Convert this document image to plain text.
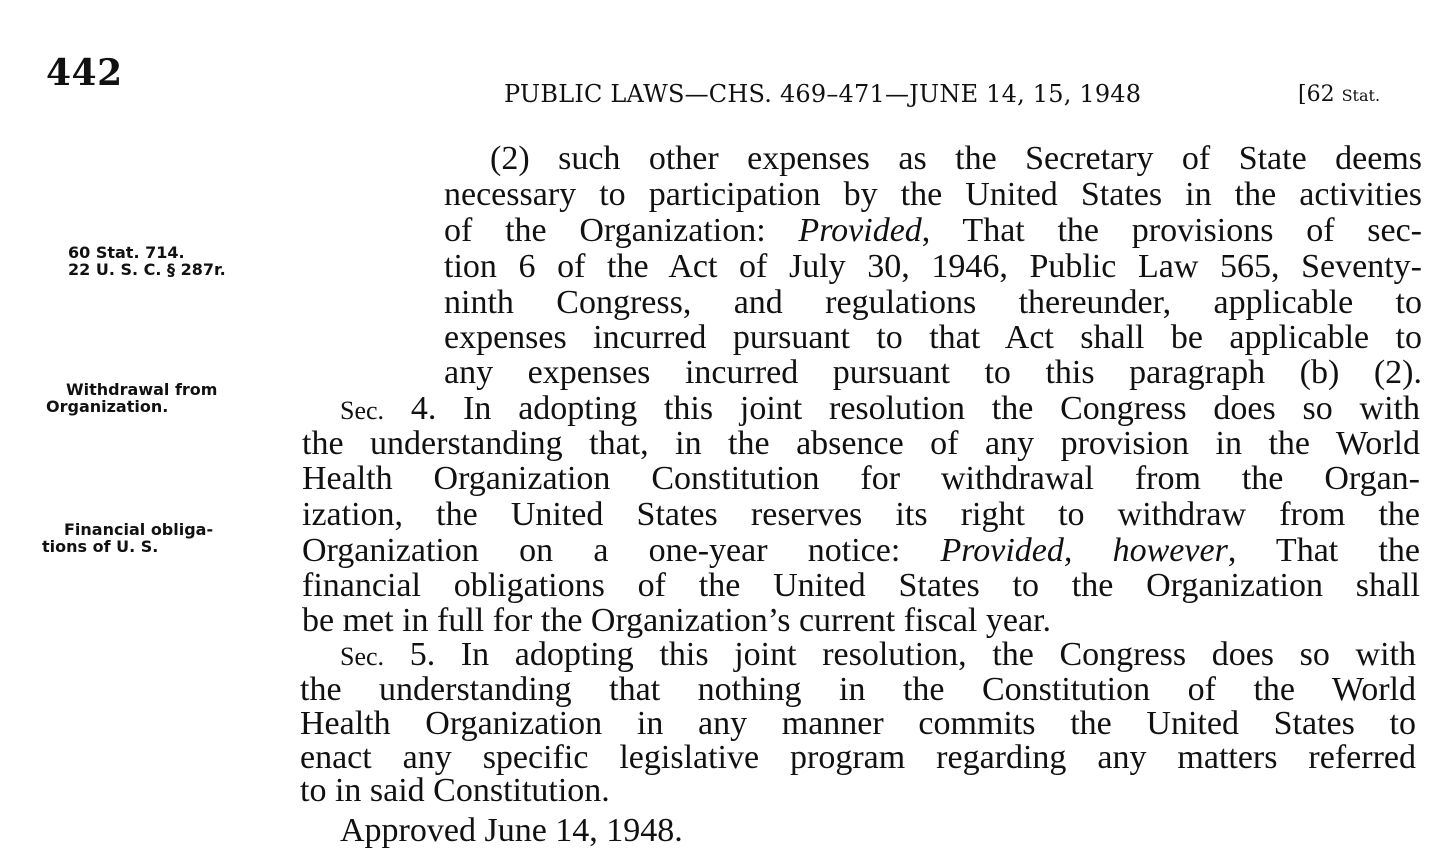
442	PUBLIC LAWS—CHS. 469–471—JUNE 14, 15, 1948	[62 Stat.
60 Stat. 714.
22 U. S. C. § 287r.
Withdrawal from
Organization.
Financial obliga-
tions of U. S.
(2) such other expenses as the Secretary of State deems
necessary to participation by the United States in the activities
of the Organization: Provided, That the provisions of sec-
tion 6 of the Act of July 30, 1946, Public Law 565, Seventy-
ninth Congress, and regulations thereunder, applicable to
expenses incurred pursuant to that Act shall be applicable to
any expenses incurred pursuant to this paragraph (b) (2).
Sec. 4. In adopting this joint resolution the Congress does so with
the understanding that, in the absence of any provision in the World
Health Organization Constitution for withdrawal from the Organ-
ization, the United States reserves its right to withdraw from the
Organization on a one-year notice: Provided, however, That the
financial obligations of the United States to the Organization shall
be met in full for the Organization’s current fiscal year.
Sec. 5. In adopting this joint resolution, the Congress does so with
the understanding that nothing in the Constitution of the World
Health Organization in any manner commits the United States to
enact any specific legislative program regarding any matters referred
to in said Constitution.
Approved June 14, 1948.
